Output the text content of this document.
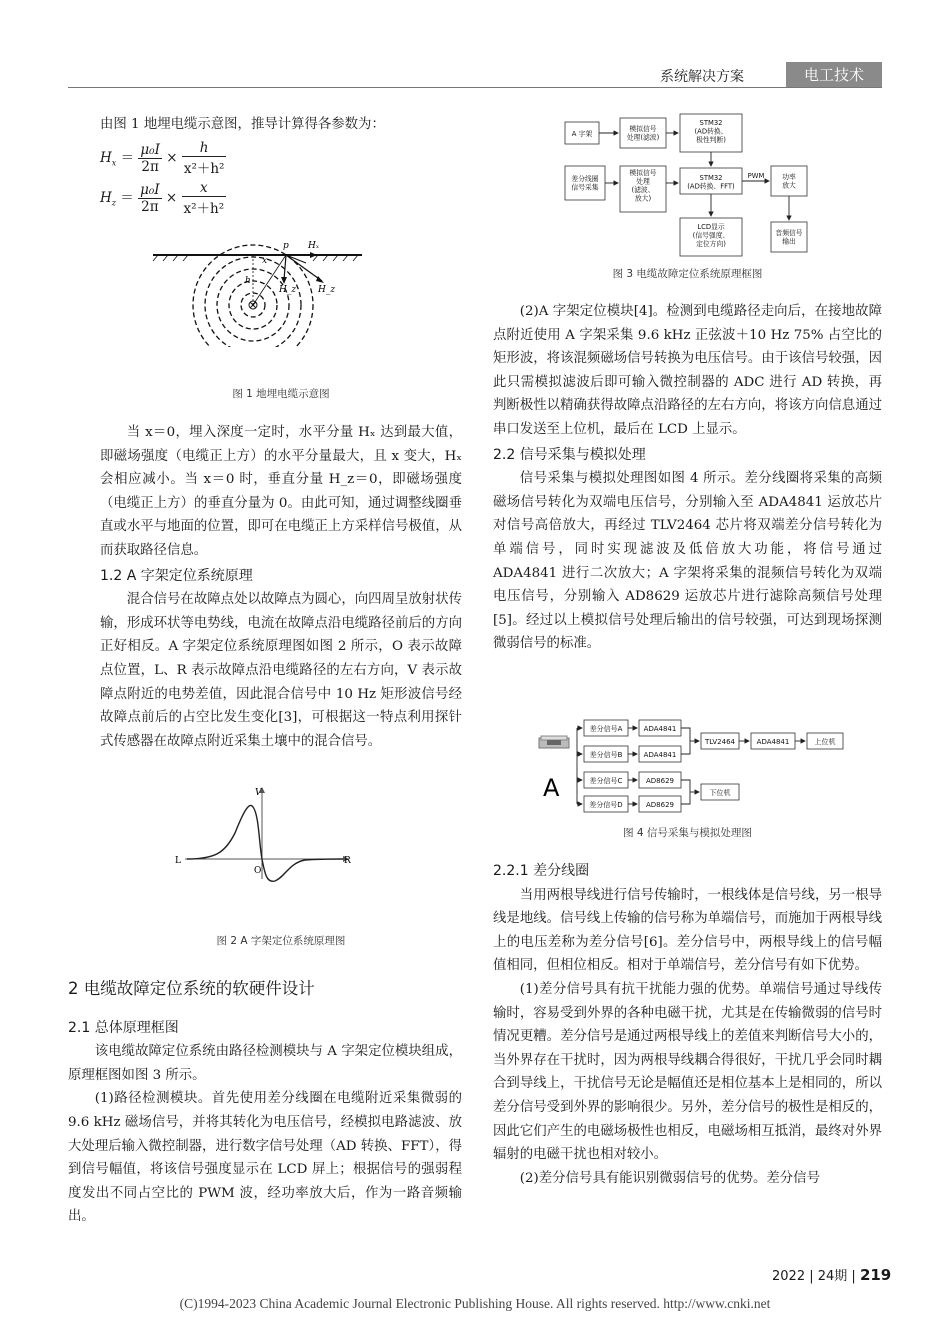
系统解决方案	电工技术

由图 1 地埋电缆示意图，推导计算得各参数为：

$H_x = \frac{\text{μ₀I}}{2\pi} \times \frac{h}{\text{x²＋h²}}$
$H_z = \frac{\text{μ₀I}}{2\pi} \times \frac{x}{\text{x²＋h²}}$
p Hₓ
H_z
H_z
h
x
图 1 地埋电缆示意图

当 x＝0，埋入深度一定时，水平分量 Hₓ 达到最大值，即磁场强度（电缆正上方）的水平分量最大，且 x 变大，Hₓ 会相应减小。当 x＝0 时，垂直分量 H_z＝0，即磁场强度（电缆正上方）的垂直分量为 0。由此可知，通过调整线圈垂直或水平与地面的位置，即可在电缆正上方采样信号极值，从而获取路径信息。

1.2 A 字架定位系统原理

混合信号在故障点处以故障点为圆心，向四周呈放射状传输，形成环状等电势线，电流在故障点沿电缆路径前后的方向正好相反。A 字架定位系统原理图如图 2 所示，O 表示故障点位置，L、R 表示故障点沿电缆路径的左右方向，V 表示故障点附近的电势差值，因此混合信号中 10 Hz 矩形波信号经故障点前后的占空比发生变化[3]，可根据这一特点利用探针式传感器在故障点附近采集土壤中的混合信号。

V
L
O
R
图 2 A 字架定位系统原理图

2 电缆故障定位系统的软硬件设计

2.1 总体原理框图

该电缆故障定位系统由路径检测模块与 A 字架定位模块组成，原理框图如图 3 所示。

(1)路径检测模块。首先使用差分线圈在电缆附近采集微弱的 9.6 kHz 磁场信号，并将其转化为电压信号，经模拟电路滤波、放大处理后输入微控制器，进行数字信号处理（AD 转换、FFT），得到信号幅值，将该信号强度显示在 LCD 屏上；根据信号的强弱程度发出不同占空比的 PWM 波，经功率放大后，作为一路音频输出。

A 字架
模拟信号处理(滤波)
STM32 (AD转换、极性判断)
差分线圈信号采集
模拟信号处理(滤波、放大)
STM32 (AD转换、FFT)
PWM	功率放大
LCD显示(信号强度、定位方向)
音频信号输出
图 3 电缆故障定位系统原理框图

(2)A 字架定位模块[4]。检测到电缆路径走向后，在接地故障点附近使用 A 字架采集 9.6 kHz 正弦波＋10 Hz 75% 占空比的矩形波，将该混频磁场信号转换为电压信号。由于该信号较强，因此只需模拟滤波后即可输入微控制器的 ADC 进行 AD 转换，再判断极性以精确获得故障点沿路径的左右方向，将该方向信息通过串口发送至上位机，最后在 LCD 上显示。

2.2 信号采集与模拟处理

信号采集与模拟处理图如图 4 所示。差分线圈将采集的高频磁场信号转化为双端电压信号，分别输入至 ADA4841 运放芯片对信号高倍放大，再经过 TLV2464 芯片将双端差分信号转化为单端信号，同时实现滤波及低倍放大功能，将信号通过 ADA4841 进行二次放大；A 字架将采集的混频信号转化为双端电压信号，分别输入 AD8629 运放芯片进行滤除高频信号处理[5]。经过以上模拟信号处理后输出的信号较强，可达到现场探测微弱信号的标准。

A
差分信号A
差分信号B
差分信号C
差分信号D
ADA4841
ADA4841
AD8629
AD8629
TLV2464	ADA4841	上位机
下位机
图 4 信号采集与模拟处理图

2.2.1 差分线圈

当用两根导线进行信号传输时，一根线体是信号线，另一根导线是地线。信号线上传输的信号称为单端信号，而施加于两根导线上的电压差称为差分信号[6]。差分信号中，两根导线上的信号幅值相同，但相位相反。相对于单端信号，差分信号有如下优势。

(1)差分信号具有抗干扰能力强的优势。单端信号通过导线传输时，容易受到外界的各种电磁干扰，尤其是在传输微弱的信号时情况更糟。差分信号是通过两根导线上的差值来判断信号大小的，当外界存在干扰时，因为两根导线耦合得很好，干扰几乎会同时耦合到导线上，干扰信号无论是幅值还是相位基本上是相同的，所以差分信号受到外界的影响很少。另外，差分信号的极性是相反的，因此它们产生的电磁场极性也相反，电磁场相互抵消，最终对外界辐射的电磁干扰也相对较小。

(2)差分信号具有能识别微弱信号的优势。差分信号

2022 | 24期 | 219
(C)1994-2023 China Academic Journal Electronic Publishing House. All rights reserved. http://www.cnki.net
